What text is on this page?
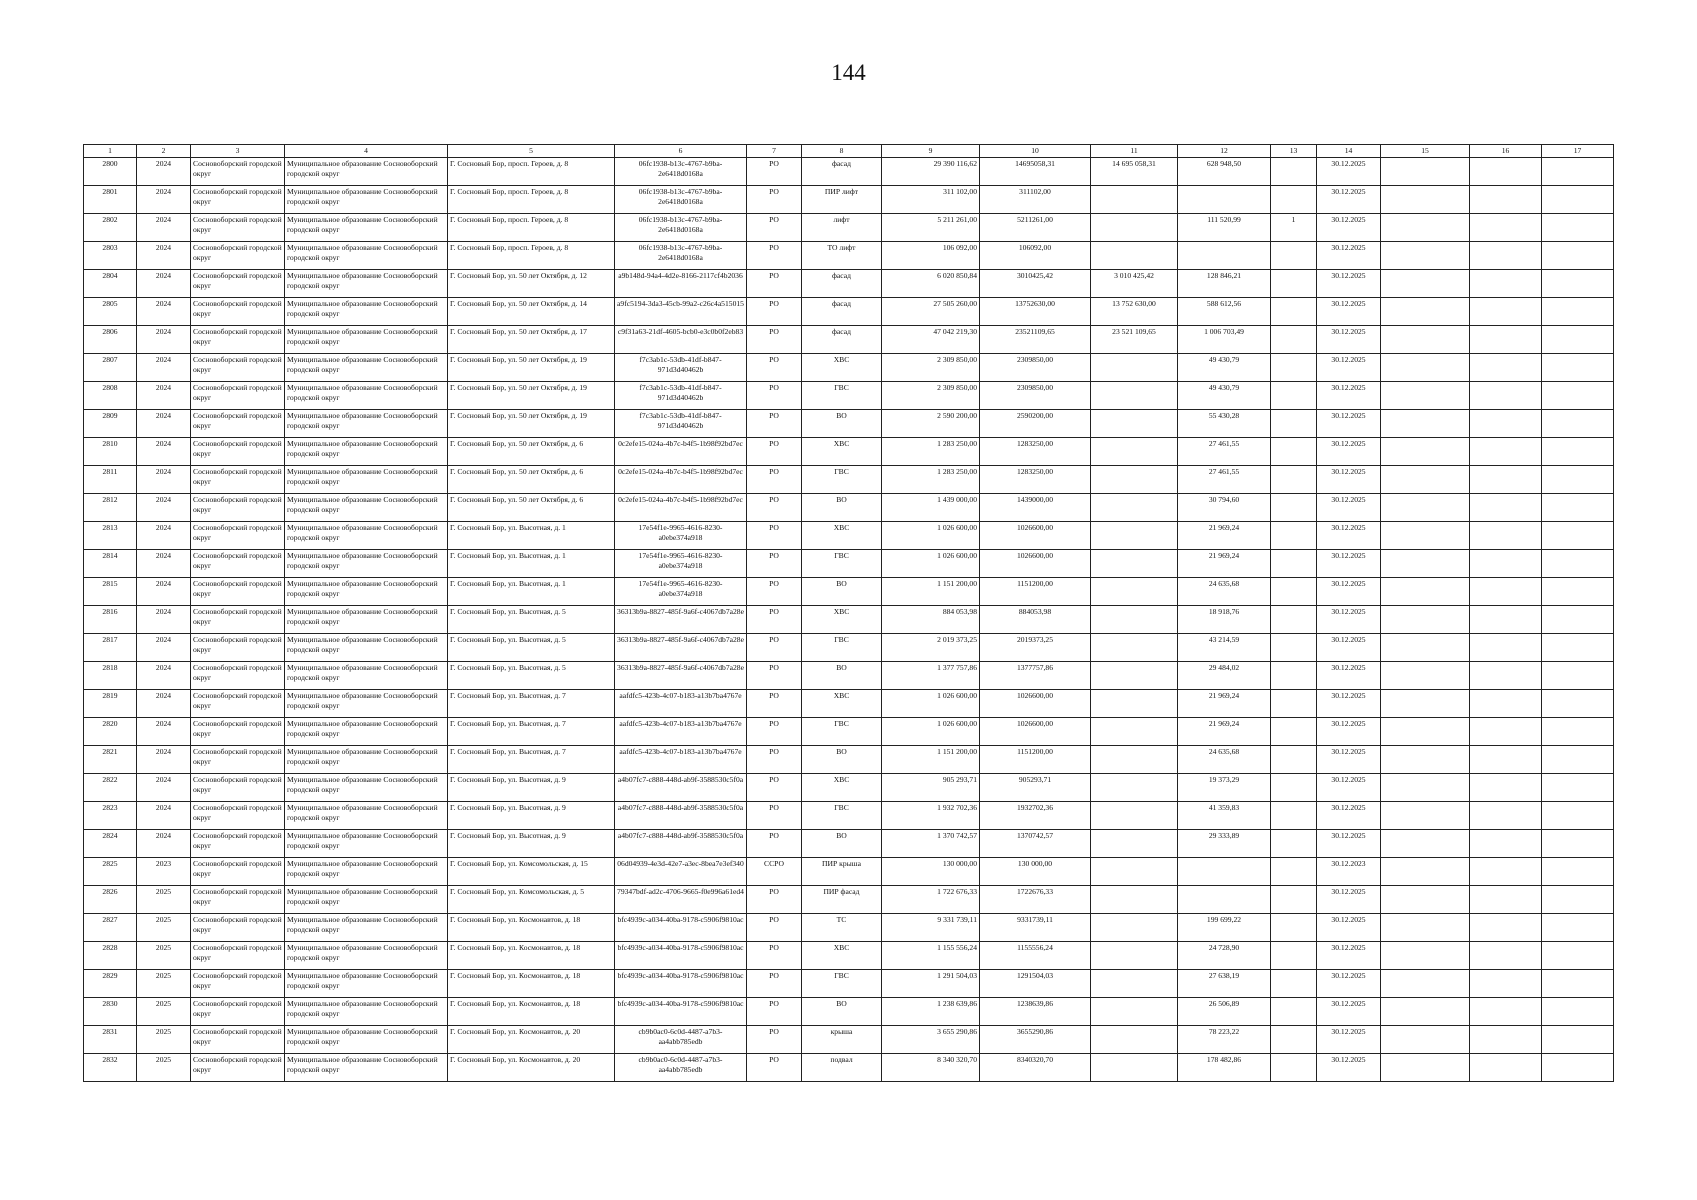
144
1	2	3	4	5	6	7	8	9	10	11	12	13	14	15	16	17
2800	2024	Сосновоборский городской округ	Муниципальное образование Сосновоборский городской округ	Г. Сосновый Бор, просп. Героев, д. 8	06fc1938-b13c-4767-b9ba-2e6418d0168a	РО	фасад	29 390 116,62	14695058,31	14 695 058,31	628 948,50		30.12.2025			
2801	2024	Сосновоборский городской округ	Муниципальное образование Сосновоборский городской округ	Г. Сосновый Бор, просп. Героев, д. 8	06fc1938-b13c-4767-b9ba-2e6418d0168a	РО	ПИР лифт	311 102,00	311102,00				30.12.2025			
2802	2024	Сосновоборский городской округ	Муниципальное образование Сосновоборский городской округ	Г. Сосновый Бор, просп. Героев, д. 8	06fc1938-b13c-4767-b9ba-2e6418d0168a	РО	лифт	5 211 261,00	5211261,00		111 520,99	1	30.12.2025			
2803	2024	Сосновоборский городской округ	Муниципальное образование Сосновоборский городской округ	Г. Сосновый Бор, просп. Героев, д. 8	06fc1938-b13c-4767-b9ba-2e6418d0168a	РО	ТО лифт	106 092,00	106092,00				30.12.2025			
2804	2024	Сосновоборский городской округ	Муниципальное образование Сосновоборский городской округ	Г. Сосновый Бор, ул. 50 лет Октября, д. 12	a9b148d-94a4-4d2e-8166-2117cf4b2036	РО	фасад	6 020 850,84	3010425,42	3 010 425,42	128 846,21		30.12.2025			
2805	2024	Сосновоборский городской округ	Муниципальное образование Сосновоборский городской округ	Г. Сосновый Бор, ул. 50 лет Октября, д. 14	a9fc5194-3da3-45cb-99a2-c26c4a515015	РО	фасад	27 505 260,00	13752630,00	13 752 630,00	588 612,56		30.12.2025			
2806	2024	Сосновоборский городской округ	Муниципальное образование Сосновоборский городской округ	Г. Сосновый Бор, ул. 50 лет Октября, д. 17	c9f31a63-21df-4605-bcb0-e3c0b0f2eb83	РО	фасад	47 042 219,30	23521109,65	23 521 109,65	1 006 703,49		30.12.2025			
2807	2024	Сосновоборский городской округ	Муниципальное образование Сосновоборский городской округ	Г. Сосновый Бор, ул. 50 лет Октября, д. 19	f7c3ab1c-53db-41df-b847-971d3d40462b	РО	ХВС	2 309 850,00	2309850,00		49 430,79		30.12.2025			
2808	2024	Сосновоборский городской округ	Муниципальное образование Сосновоборский городской округ	Г. Сосновый Бор, ул. 50 лет Октября, д. 19	f7c3ab1c-53db-41df-b847-971d3d40462b	РО	ГВС	2 309 850,00	2309850,00		49 430,79		30.12.2025			
2809	2024	Сосновоборский городской округ	Муниципальное образование Сосновоборский городской округ	Г. Сосновый Бор, ул. 50 лет Октября, д. 19	f7c3ab1c-53db-41df-b847-971d3d40462b	РО	ВО	2 590 200,00	2590200,00		55 430,28		30.12.2025			
2810	2024	Сосновоборский городской округ	Муниципальное образование Сосновоборский городской округ	Г. Сосновый Бор, ул. 50 лет Октября, д. 6	0c2efe15-024a-4b7c-b4f5-1b98f92bd7ec	РО	ХВС	1 283 250,00	1283250,00		27 461,55		30.12.2025			
2811	2024	Сосновоборский городской округ	Муниципальное образование Сосновоборский городской округ	Г. Сосновый Бор, ул. 50 лет Октября, д. 6	0c2efe15-024a-4b7c-b4f5-1b98f92bd7ec	РО	ГВС	1 283 250,00	1283250,00		27 461,55		30.12.2025			
2812	2024	Сосновоборский городской округ	Муниципальное образование Сосновоборский городской округ	Г. Сосновый Бор, ул. 50 лет Октября, д. 6	0c2efe15-024a-4b7c-b4f5-1b98f92bd7ec	РО	ВО	1 439 000,00	1439000,00		30 794,60		30.12.2025			
2813	2024	Сосновоборский городской округ	Муниципальное образование Сосновоборский городской округ	Г. Сосновый Бор, ул. Высотная, д. 1	17e54f1e-9965-4616-8230-a0ebe374a918	РО	ХВС	1 026 600,00	1026600,00		21 969,24		30.12.2025			
2814	2024	Сосновоборский городской округ	Муниципальное образование Сосновоборский городской округ	Г. Сосновый Бор, ул. Высотная, д. 1	17e54f1e-9965-4616-8230-a0ebe374a918	РО	ГВС	1 026 600,00	1026600,00		21 969,24		30.12.2025			
2815	2024	Сосновоборский городской округ	Муниципальное образование Сосновоборский городской округ	Г. Сосновый Бор, ул. Высотная, д. 1	17e54f1e-9965-4616-8230-a0ebe374a918	РО	ВО	1 151 200,00	1151200,00		24 635,68		30.12.2025			
2816	2024	Сосновоборский городской округ	Муниципальное образование Сосновоборский городской округ	Г. Сосновый Бор, ул. Высотная, д. 5	36313b9a-8827-485f-9a6f-c4067db7a28e	РО	ХВС	884 053,98	884053,98		18 918,76		30.12.2025			
2817	2024	Сосновоборский городской округ	Муниципальное образование Сосновоборский городской округ	Г. Сосновый Бор, ул. Высотная, д. 5	36313b9a-8827-485f-9a6f-c4067db7a28e	РО	ГВС	2 019 373,25	2019373,25		43 214,59		30.12.2025			
2818	2024	Сосновоборский городской округ	Муниципальное образование Сосновоборский городской округ	Г. Сосновый Бор, ул. Высотная, д. 5	36313b9a-8827-485f-9a6f-c4067db7a28e	РО	ВО	1 377 757,86	1377757,86		29 484,02		30.12.2025			
2819	2024	Сосновоборский городской округ	Муниципальное образование Сосновоборский городской округ	Г. Сосновый Бор, ул. Высотная, д. 7	aafdfc5-423b-4c07-b183-a13b7ba4767e	РО	ХВС	1 026 600,00	1026600,00		21 969,24		30.12.2025			
2820	2024	Сосновоборский городской округ	Муниципальное образование Сосновоборский городской округ	Г. Сосновый Бор, ул. Высотная, д. 7	aafdfc5-423b-4c07-b183-a13b7ba4767e	РО	ГВС	1 026 600,00	1026600,00		21 969,24		30.12.2025			
2821	2024	Сосновоборский городской округ	Муниципальное образование Сосновоборский городской округ	Г. Сосновый Бор, ул. Высотная, д. 7	aafdfc5-423b-4c07-b183-a13b7ba4767e	РО	ВО	1 151 200,00	1151200,00		24 635,68		30.12.2025			
2822	2024	Сосновоборский городской округ	Муниципальное образование Сосновоборский городской округ	Г. Сосновый Бор, ул. Высотная, д. 9	a4b07fc7-c888-448d-ab9f-3588530c5f0a	РО	ХВС	905 293,71	905293,71		19 373,29		30.12.2025			
2823	2024	Сосновоборский городской округ	Муниципальное образование Сосновоборский городской округ	Г. Сосновый Бор, ул. Высотная, д. 9	a4b07fc7-c888-448d-ab9f-3588530c5f0a	РО	ГВС	1 932 702,36	1932702,36		41 359,83		30.12.2025			
2824	2024	Сосновоборский городской округ	Муниципальное образование Сосновоборский городской округ	Г. Сосновый Бор, ул. Высотная, д. 9	a4b07fc7-c888-448d-ab9f-3588530c5f0a	РО	ВО	1 370 742,57	1370742,57		29 333,89		30.12.2025			
2825	2023	Сосновоборский городской округ	Муниципальное образование Сосновоборский городской округ	Г. Сосновый Бор, ул. Комсомольская, д. 15	06d04939-4e3d-42e7-a3ec-8bea7e3ef340	ССРО	ПИР крыша	130 000,00	130 000,00				30.12.2023			
2826	2025	Сосновоборский городской округ	Муниципальное образование Сосновоборский городской округ	Г. Сосновый Бор, ул. Комсомольская, д. 5	79347bdf-ad2c-4706-9665-f0e996a61ed4	РО	ПИР фасад	1 722 676,33	1722676,33				30.12.2025			
2827	2025	Сосновоборский городской округ	Муниципальное образование Сосновоборский городской округ	Г. Сосновый Бор, ул. Космонавтов, д. 18	bfc4939c-a034-40ba-9178-c5906f9810ac	РО	ТС	9 331 739,11	9331739,11		199 699,22		30.12.2025			
2828	2025	Сосновоборский городской округ	Муниципальное образование Сосновоборский городской округ	Г. Сосновый Бор, ул. Космонавтов, д. 18	bfc4939c-a034-40ba-9178-c5906f9810ac	РО	ХВС	1 155 556,24	1155556,24		24 728,90		30.12.2025			
2829	2025	Сосновоборский городской округ	Муниципальное образование Сосновоборский городской округ	Г. Сосновый Бор, ул. Космонавтов, д. 18	bfc4939c-a034-40ba-9178-c5906f9810ac	РО	ГВС	1 291 504,03	1291504,03		27 638,19		30.12.2025			
2830	2025	Сосновоборский городской округ	Муниципальное образование Сосновоборский городской округ	Г. Сосновый Бор, ул. Космонавтов, д. 18	bfc4939c-a034-40ba-9178-c5906f9810ac	РО	ВО	1 238 639,86	1238639,86		26 506,89		30.12.2025			
2831	2025	Сосновоборский городской округ	Муниципальное образование Сосновоборский городской округ	Г. Сосновый Бор, ул. Космонавтов, д. 20	cb9b0ac0-6c0d-4487-a7b3-aa4abb785edb	РО	крыша	3 655 290,86	3655290,86		78 223,22		30.12.2025			
2832	2025	Сосновоборский городской округ	Муниципальное образование Сосновоборский городской округ	Г. Сосновый Бор, ул. Космонавтов, д. 20	cb9b0ac0-6c0d-4487-a7b3-aa4abb785edb	РО	подвал	8 340 320,70	8340320,70		178 482,86		30.12.2025			
